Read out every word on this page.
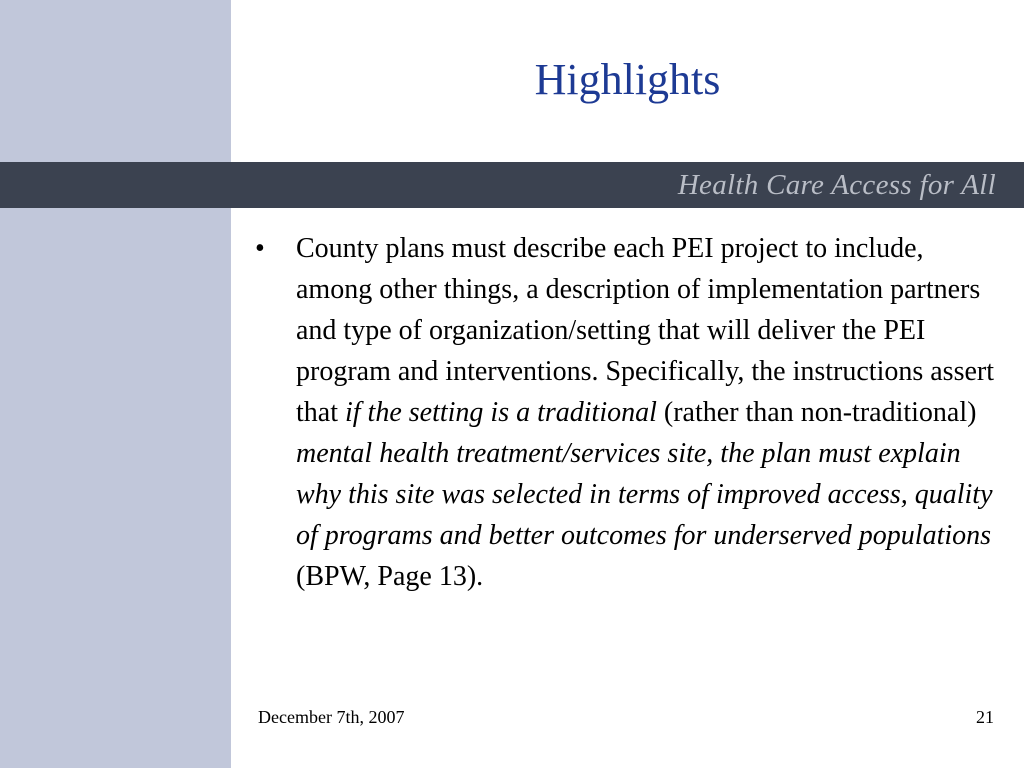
Highlights
Health Care Access for All
•	County plans must describe each PEI project to include, among other things, a description of implementation partners and type of organization/setting that will deliver the PEI program and interventions. Specifically, the instructions assert that if the setting is a traditional (rather than non-traditional) mental health treatment/services site, the plan must explain why this site was selected in terms of improved access, quality of programs and better outcomes for underserved populations (BPW, Page 13).
December 7th, 2007	21
